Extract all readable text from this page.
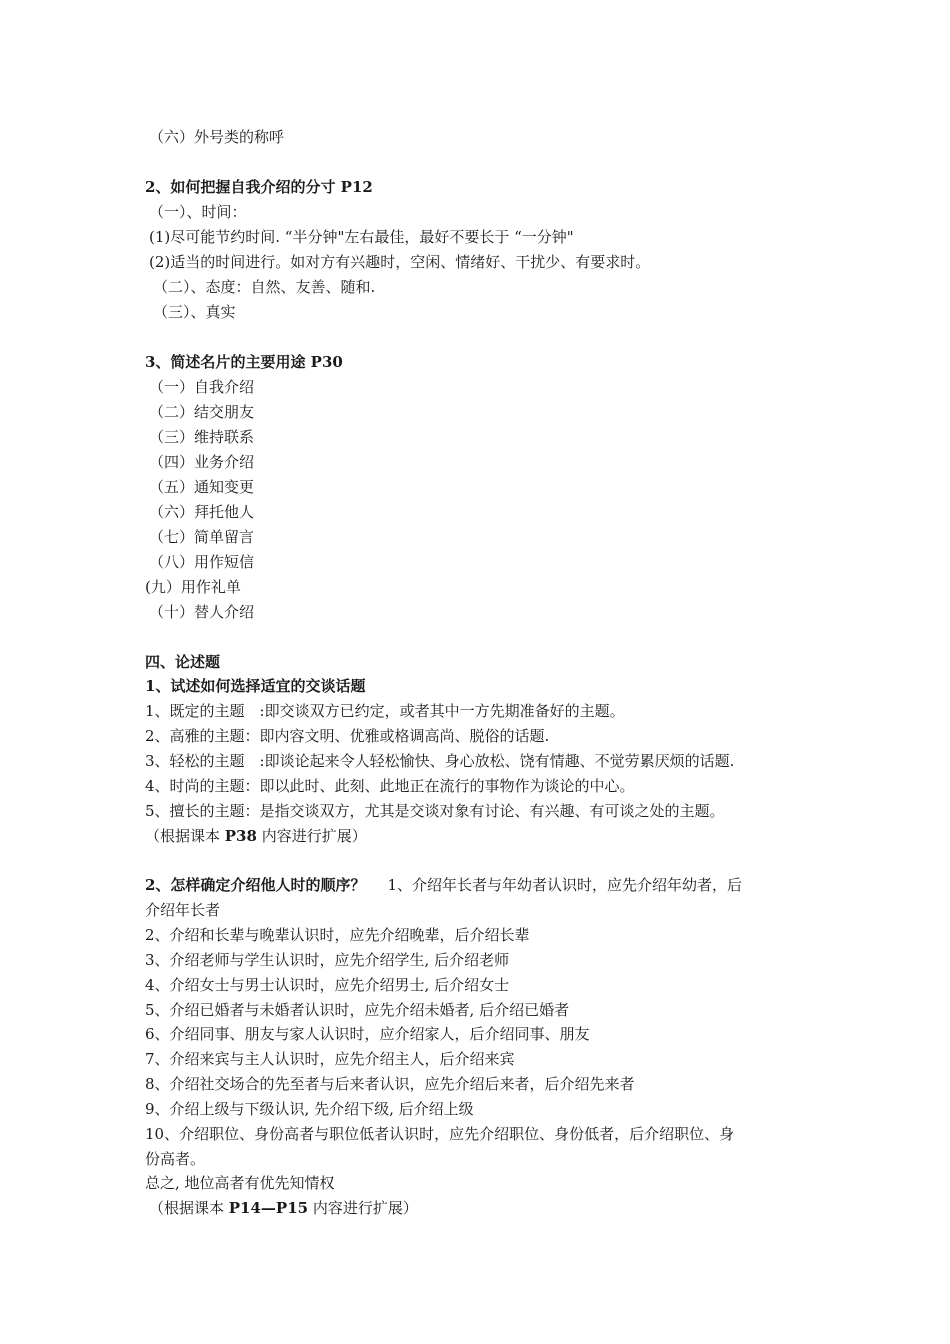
（六）外号类的称呼
2、如何把握自我介绍的分寸 P12
（一）、时间：
(1)尽可能节约时间. “半分钟"左右最佳，最好不要长于 “一分钟"
(2)适当的时间进行。如对方有兴趣时，空闲、情绪好、干扰少、有要求时。
（二）、态度：自然、友善、随和.
（三）、真实
3、简述名片的主要用途 P30
（一）自我介绍
（二）结交朋友
（三）维持联系
（四）业务介绍
（五）通知变更
（六）拜托他人
（七）简单留言
（八）用作短信
(九）用作礼单
（十）替人介绍
四、论述题
1、试述如何选择适宜的交谈话题
1、既定的主题　:即交谈双方已约定，或者其中一方先期准备好的主题。
2、高雅的主题：即内容文明、优雅或格调高尚、脱俗的话题.
3、轻松的主题　:即谈论起来令人轻松愉快、身心放松、饶有情趣、不觉劳累厌烦的话题.
4、时尚的主题：即以此时、此刻、此地正在流行的事物作为谈论的中心。
5、擅长的主题：是指交谈双方，尤其是交谈对象有讨论、有兴趣、有可谈之处的主题。
（根据课本 P38 内容进行扩展）
2、怎样确定介绍他人时的顺序？ 1、介绍年长者与年幼者认识时，应先介绍年幼者，后
介绍年长者
2、介绍和长辈与晚辈认识时，应先介绍晚辈，后介绍长辈
3、介绍老师与学生认识时，应先介绍学生, 后介绍老师
4、介绍女士与男士认识时，应先介绍男士, 后介绍女士
5、介绍已婚者与未婚者认识时，应先介绍未婚者, 后介绍已婚者
6、介绍同事、朋友与家人认识时，应介绍家人，后介绍同事、朋友
7、介绍来宾与主人认识时，应先介绍主人，后介绍来宾
8、介绍社交场合的先至者与后来者认识，应先介绍后来者，后介绍先来者
9、介绍上级与下级认识, 先介绍下级, 后介绍上级
10、介绍职位、身份高者与职位低者认识时，应先介绍职位、身份低者，后介绍职位、身
份高者。
总之, 地位高者有优先知情权
（根据课本 P14—P15 内容进行扩展）
